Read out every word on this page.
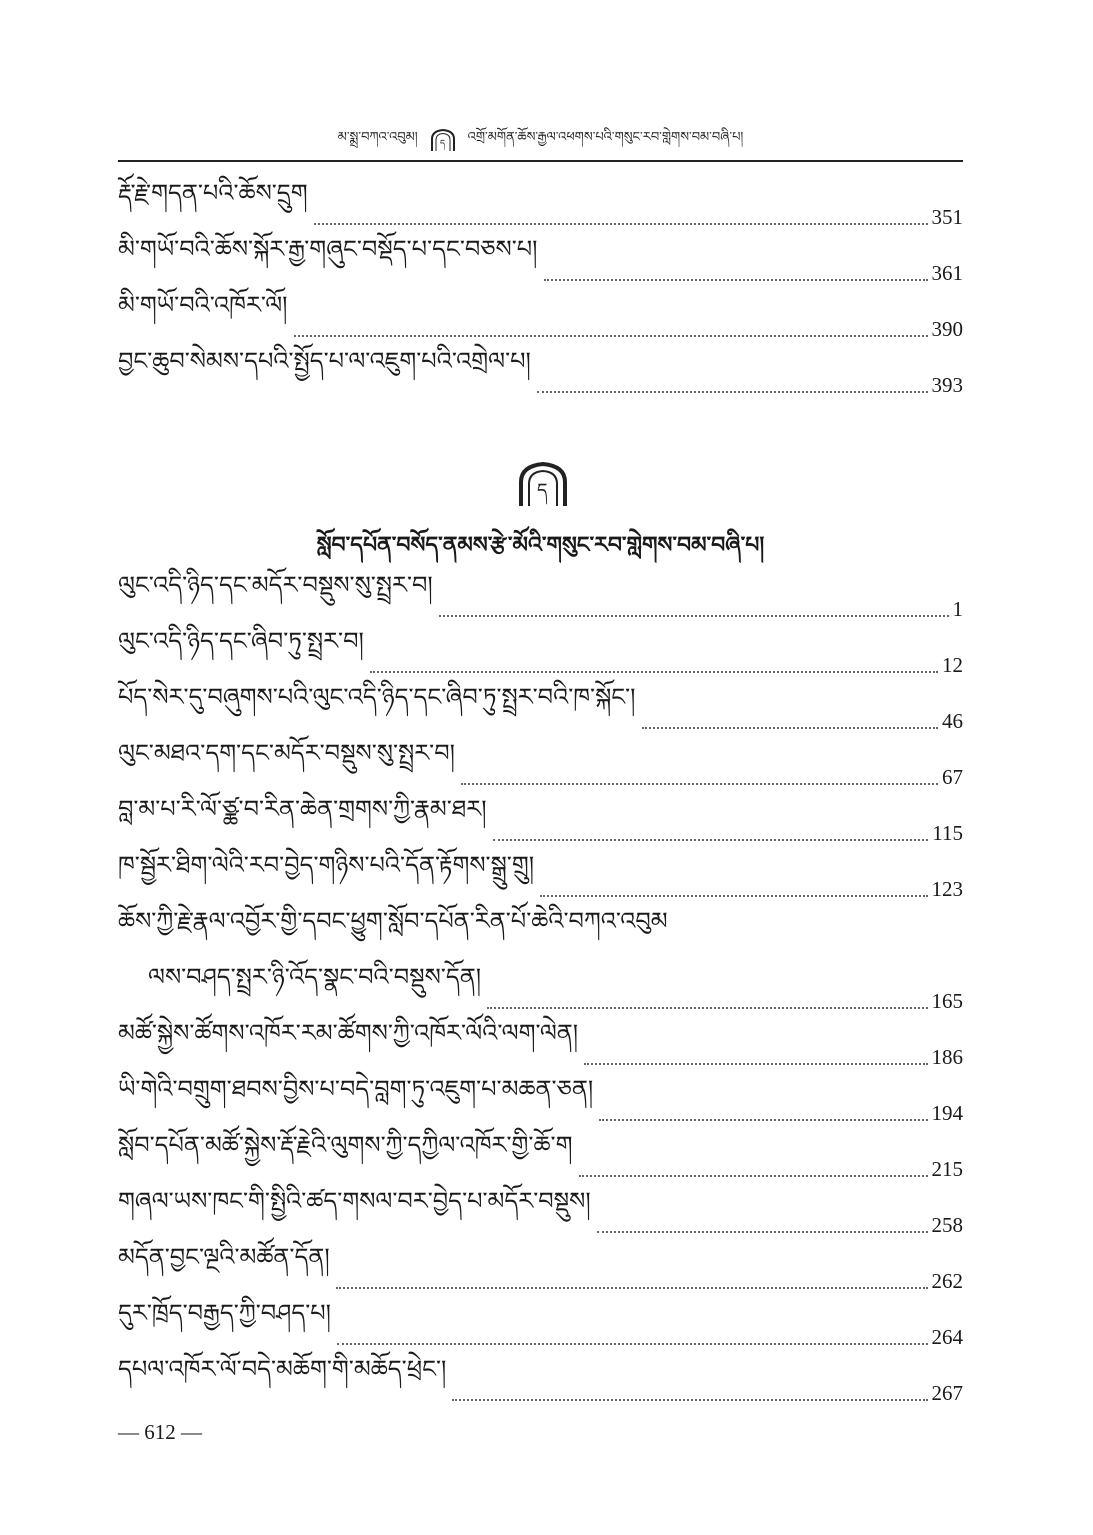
མ་སྨྲ་བཀའ་འབུམ། ད འགྲོ་མགོན་ཆོས་རྒྱལ་འཕགས་པའི་གསུང་རབ་གླེགས་བམ་བཞི་པ།
རྡོ་རྗེ་གདན་པའི་ཆོས་དྲུག
351
མི་གཡོ་བའི་ཆོས་སྐོར་རྒྱ་གཞུང་བསྡོད་པ་དང་བཅས་པ།
361
མི་གཡོ་བའི་འཁོར་ལོ།
390
བྱང་ཆུབ་སེམས་དཔའི་སྤྱོད་པ་ལ་འཇུག་པའི་འགྲེལ་པ།
393
ད
སློབ་དཔོན་བསོད་ནམས་རྩེ་མོའི་གསུང་རབ་གླེགས་བམ་བཞི་པ།
ལུང་འདི་ཉིད་དང་མདོར་བསྡུས་སུ་སྤྲར་བ།
1
ལུང་འདི་ཉིད་དང་ཞིབ་ཏུ་སྤྲར་བ།
12
པོད་སེར་དུ་བཞུགས་པའི་ལུང་འདི་ཉིད་དང་ཞིབ་ཏུ་སྤྲར་བའི་ཁ་སྐོང་།
46
ལུང་མཐའ་དག་དང་མདོར་བསྡུས་སུ་སྤྲར་བ།
67
བླ་མ་པ་རི་ལོ་ཙྪ་བ་རིན་ཆེན་གྲགས་ཀྱི་རྣམ་ཐར།
115
ཁ་སྦྱོར་ཐིག་ལེའི་རབ་བྱེད་གཉིས་པའི་དོན་རྟོགས་སྒྲུ་གྲུ།
123
ཆོས་ཀྱི་རྗེ་རྣལ་འབྱོར་གྱི་དབང་ཕྱུག་སློབ་དཔོན་རིན་པོ་ཆེའི་བཀའ་འབུམ
ལས་བཤད་སྤྲར་ཉི་འོད་སྣང་བའི་བསྡུས་དོན།
165
མཚོ་སྐྱེས་ཚོགས་འཁོར་རམ་ཚོགས་ཀྱི་འཁོར་ལོའི་ལག་ལེན།
186
ཡི་གེའི་བགྲུག་ཐབས་བྱིས་པ་བདེ་བླག་ཏུ་འཇུག་པ་མཆན་ཅན།
194
སློབ་དཔོན་མཚོ་སྐྱེས་རྡོ་རྗེའི་ལུགས་ཀྱི་དཀྱིལ་འཁོར་གྱི་ཆོ་ག
215
གཞལ་ཡས་ཁང་གི་སྤྱིའི་ཚད་གསལ་བར་བྱེད་པ་མདོར་བསྡུས།
258
མདོན་བྱང་ལྔའི་མཚོན་དོན།
262
དུར་ཁྲོད་བརྒྱད་ཀྱི་བཤད་པ།
264
དཔལ་འཁོར་ལོ་བདེ་མཆོག་གི་མཆོད་ཕྲེང་།
267
— 612 —
